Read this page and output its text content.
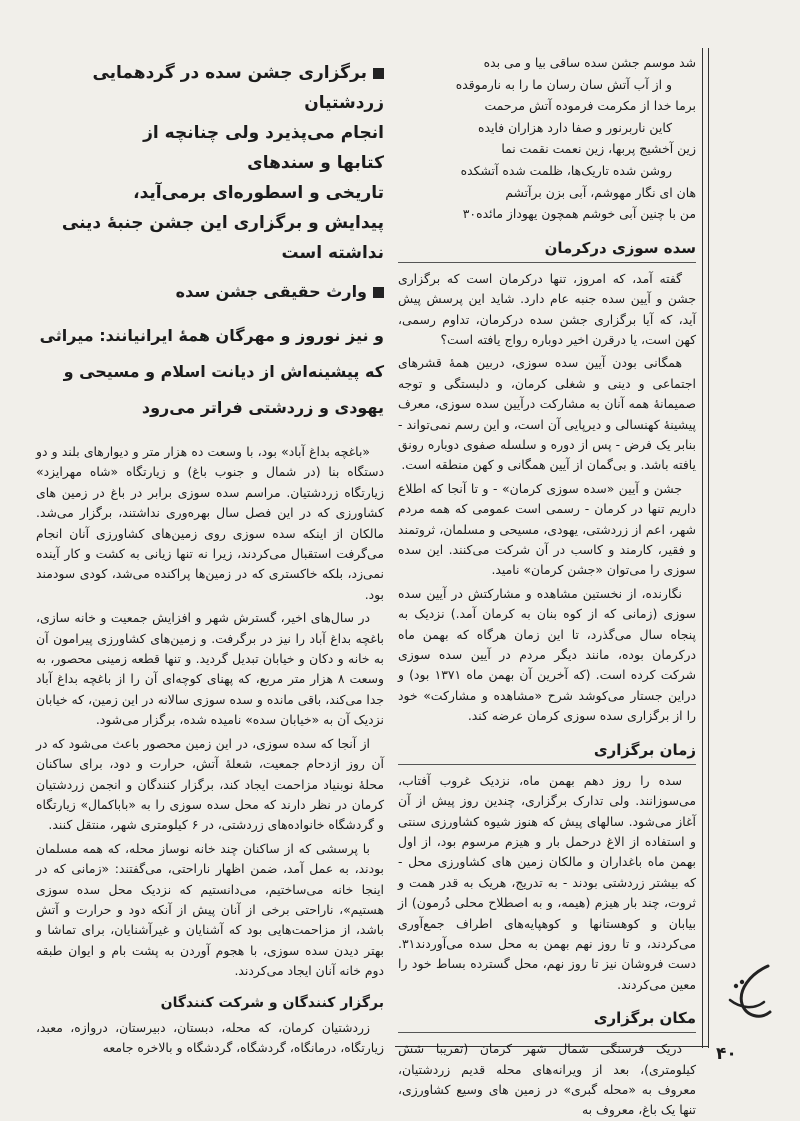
شد موسم جشن سده ساقی بیا و می بده
و از آب آتش سان رسان ما را به نارموقده
برما خدا از مکرمت فرموده آتش مرحمت
کاین ناربرنور و صفا دارد هزاران فایده
زین آخشیج پربها، زین نعمت نقمت نما
روشن شده تاریک‌ها، ظلمت شده آتشکده
هان ای نگار مهوشم، آبی بزن برآتشم
من با چنین آبی خوشم همچون یهوداز مائده۳۰
سده سوزی درکرمان

گفته آمد، که امروز، تنها درکرمان است که برگزاری جشن و آیین سده جنبه عام دارد. شاید این پرسش پیش آید، که آیا برگزاری جشن سده درکرمان، تداوم رسمی، کهن است، یا درقرن اخیر دوباره رواج یافته است؟

همگانی بودن آیین سده سوزی، دربین همهٔ قشرهای اجتماعی و دینی و شغلی کرمان، و دلبستگی و توجه صمیمانهٔ همه آنان به مشارکت درآیین سده سوزی، معرف پیشینهٔ کهنسالی و دیرپایی آن است، و این رسم نمی‌تواند - بنابر یک فرض - پس از دوره و سلسله صفوی دوباره رونق یافته باشد. و بی‌گمان از آیین همگانی و کهن منطقه است.

جشن و آیین «سده سوزی کرمان» - و تا آنجا که اطلاع داریم تنها در کرمان - رسمی است عمومی که همه مردم شهر، اعم از زردشتی، یهودی، مسیحی و مسلمان، ثروتمند و فقیر، کارمند و کاسب در آن شرکت می‌کنند. این سده سوزی را می‌توان «جشن کرمان» نامید.

نگارنده، از نخستین مشاهده و مشارکتش در آیین سده سوزی (زمانی که از کوه بنان به کرمان آمد.) نزدیک به پنجاه سال می‌گذرد، تا این زمان هرگاه که بهمن ماه درکرمان بوده، مانند دیگر مردم در آیین سده سوزی شرکت کرده است. (که آخرین آن بهمن ماه ۱۳۷۱ بود) و دراین جستار می‌کوشد شرح «مشاهده و مشارکت» خود را از برگزاری سده سوزی کرمان عرضه کند.

زمان برگزاری

سده را روز دهم بهمن ماه، نزدیک غروب آفتاب، می‌سوزانند. ولی تدارک برگزاری، چندین روز پیش از آن آغاز می‌شود. سالهای پیش که هنوز شیوه کشاورزی سنتی و استفاده از الاغ درحمل بار و هیزم مرسوم بود، از اول بهمن ماه باغداران و مالکان زمین های کشاورزی محل - که بیشتر زردشتی بودند - به تدریج، هریک به قدر همت و ثروت، چند بار هیزم (هیمه، و به اصطلاح محلی دُرمون) از بیابان و کوهستانها و کوهپایه‌های اطراف جمع‌آوری می‌کردند، و تا روز نهم بهمن به محل سده می‌آوردند۳۱. دست فروشان نیز تا روز نهم، محل گسترده بساط خود را معین می‌کردند.

مکان برگزاری

دریک فرسنگی شمال شهر کرمان (تقریبا شش کیلومتری)، بعد از ویرانه‌های محله قدیم زردشتیان، معروف به «محله گبری» در زمین های وسیع کشاورزی، تنها یک باغ، معروف به

برگزاری جشن سده در گردهمایی زردشتیان
انجام می‌پذیرد ولی چنانچه از
کتابها و سندهای
تاریخی و اسطوره‌ای برمی‌آید،
پیدایش و برگزاری این جشن جنبهٔ دینی نداشته است
وارث حقیقی جشن سده
و نیز نوروز و مهرگان همهٔ ایرانیانند: میراثی که پیشینه‌اش از دیانت اسلام و مسیحی و یهودی و زردشتی فراتر می‌رود

«باغچه بداغ آباد» بود، با وسعت ده هزار متر و دیوارهای بلند و دو دستگاه بنا (در شمال و جنوب باغ) و زیارتگاه «شاه مهرایزد» زیارتگاه زردشتیان. مراسم سده سوزی برابر در باغ در زمین های کشاورزی که در این فصل سال بهره‌وری نداشتند، برگزار می‌شد. مالکان از اینکه سده سوزی روی زمین‌های کشاورزی آنان انجام می‌گرفت استقبال می‌کردند، زیرا نه تنها زیانی به کشت و کار آینده نمی‌زد، بلکه خاکستری که در زمین‌ها پراکنده می‌شد، کودی سودمند بود.

در سال‌های اخیر، گسترش شهر و افزایش جمعیت و خانه سازی، باغچه بداغ آباد را نیز در برگرفت. و زمین‌های کشاورزی پیرامون آن به خانه و دکان و خیابان تبدیل گردید. و تنها قطعه زمینی محصور، به وسعت ۸ هزار متر مربع، که پهنای کوچه‌ای آن را از باغچه بداغ آباد جدا می‌کند، باقی مانده و سده سوزی سالانه در این زمین، که خیابان نزدیک آن به «خیابان سده» نامیده شده، برگزار می‌شود.

از آنجا که سده سوزی، در این زمین محصور باعث می‌شود که در آن روز ازدحام جمعیت، شعلهٔ آتش، حرارت و دود، برای ساکنان محلهٔ نوبنیاد مزاحمت ایجاد کند، برگزار کنندگان و انجمن زردشتیان کرمان در نظر دارند که محل سده سوزی را به «باباکمال» زیارتگاه و گردشگاه خانواده‌های زردشتی، در ۶ کیلومتری شهر، منتقل کنند.

با پرسشی که از ساکنان چند خانه نوساز محله، که همه مسلمان بودند، به عمل آمد، ضمن اظهار ناراحتی، می‌گفتند: «زمانی که در اینجا خانه می‌ساختیم، می‌دانستیم که نزدیک محل سده سوزی هستیم»، ناراحتی برخی از آنان پیش از آنکه دود و حرارت و آتش باشد، از مزاحمت‌هایی بود که آشنایان و غیرآشنایان، برای تماشا و بهتر دیدن سده سوزی، با هجوم آوردن به پشت بام و ایوان طبقه دوم خانه آنان ایجاد می‌کردند.

برگزار کنندگان و شرکت کنندگان

زردشتیان کرمان، که محله، دبستان، دبیرستان، دروازه، معبد، زیارتگاه، درمانگاه، گردشگاه، گردشگاه و بالاخره جامعه	۴۰
